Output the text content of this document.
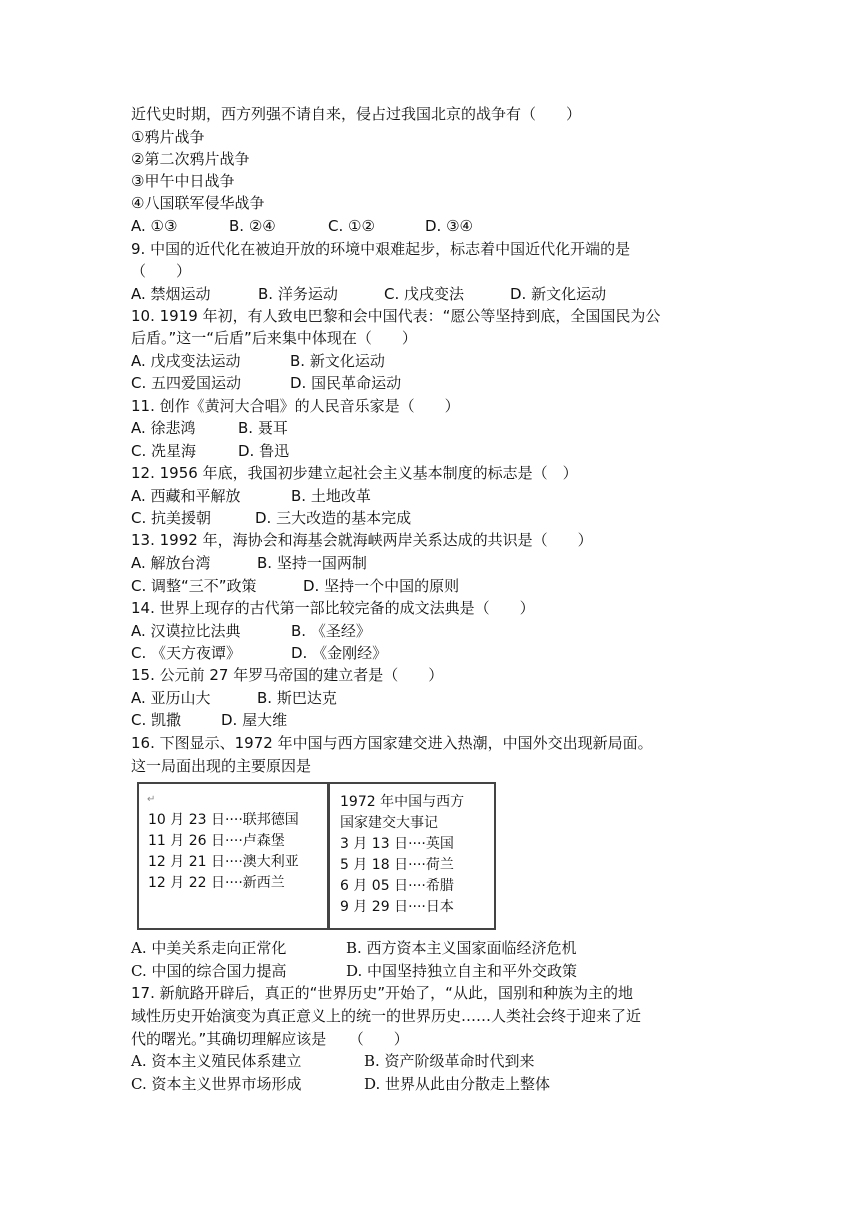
近代史时期，西方列强不请自来，侵占过我国北京的战争有（　　）
①鸦片战争
②第二次鸦片战争
③甲午中日战争
④八国联军侵华战争
A. ①③	B. ②④	C. ①②	D. ③④
9. 中国的近代化在被迫开放的环境中艰难起步，标志着中国近代化开端的是
（　　）
A. 禁烟运动	B. 洋务运动	C. 戊戌变法	D. 新文化运动
10. 1919 年初，有人致电巴黎和会中国代表：“愿公等坚持到底，全国国民为公
后盾。”这一“后盾”后来集中体现在（　　）
A. 戊戌变法运动	B. 新文化运动
C. 五四爱国运动	D. 国民革命运动
11. 创作《黄河大合唱》的人民音乐家是（　　）
A. 徐悲鸿	B. 聂耳
C. 冼星海	D. 鲁迅
12. 1956 年底，我国初步建立起社会主义基本制度的标志是（　）
A. 西藏和平解放	B. 土地改革
C. 抗美援朝	D. 三大改造的基本完成
13. 1992 年，海协会和海基会就海峡两岸关系达成的共识是（　　）
A. 解放台湾	B. 坚持一国两制
C. 调整“三不”政策	D. 坚持一个中国的原则
14. 世界上现存的古代第一部比较完备的成文法典是（　　）
A. 汉谟拉比法典	B. 《圣经》
C. 《天方夜谭》	D. 《金刚经》
15. 公元前 27 年罗马帝国的建立者是（　　）
A. 亚历山大	B. 斯巴达克
C. 凯撒	D. 屋大维
16. 下图显示、1972 年中国与西方国家建交进入热潮，中国外交出现新局面。
这一局面出现的主要原因是
↵
10 月 23 日····联邦德国
11 月 26 日····卢森堡
12 月 21 日····澳大利亚
12 月 22 日····新西兰
1972 年中国与西方
国家建交大事记
3 月 13 日····英国
5 月 18 日····荷兰
6 月 05 日····希腊
9 月 29 日····日本
A. 中美关系走向正常化	B. 西方资本主义国家面临经济危机
C. 中国的综合国力提高	D. 中国坚持独立自主和平外交政策
17. 新航路开辟后，真正的“世界历史”开始了，“从此，国别和种族为主的地
域性历史开始演变为真正意义上的统一的世界历史……人类社会终于迎来了近
代的曙光。”其确切理解应该是　　（　　）
A. 资本主义殖民体系建立	B. 资产阶级革命时代到来
C. 资本主义世界市场形成	D. 世界从此由分散走上整体
